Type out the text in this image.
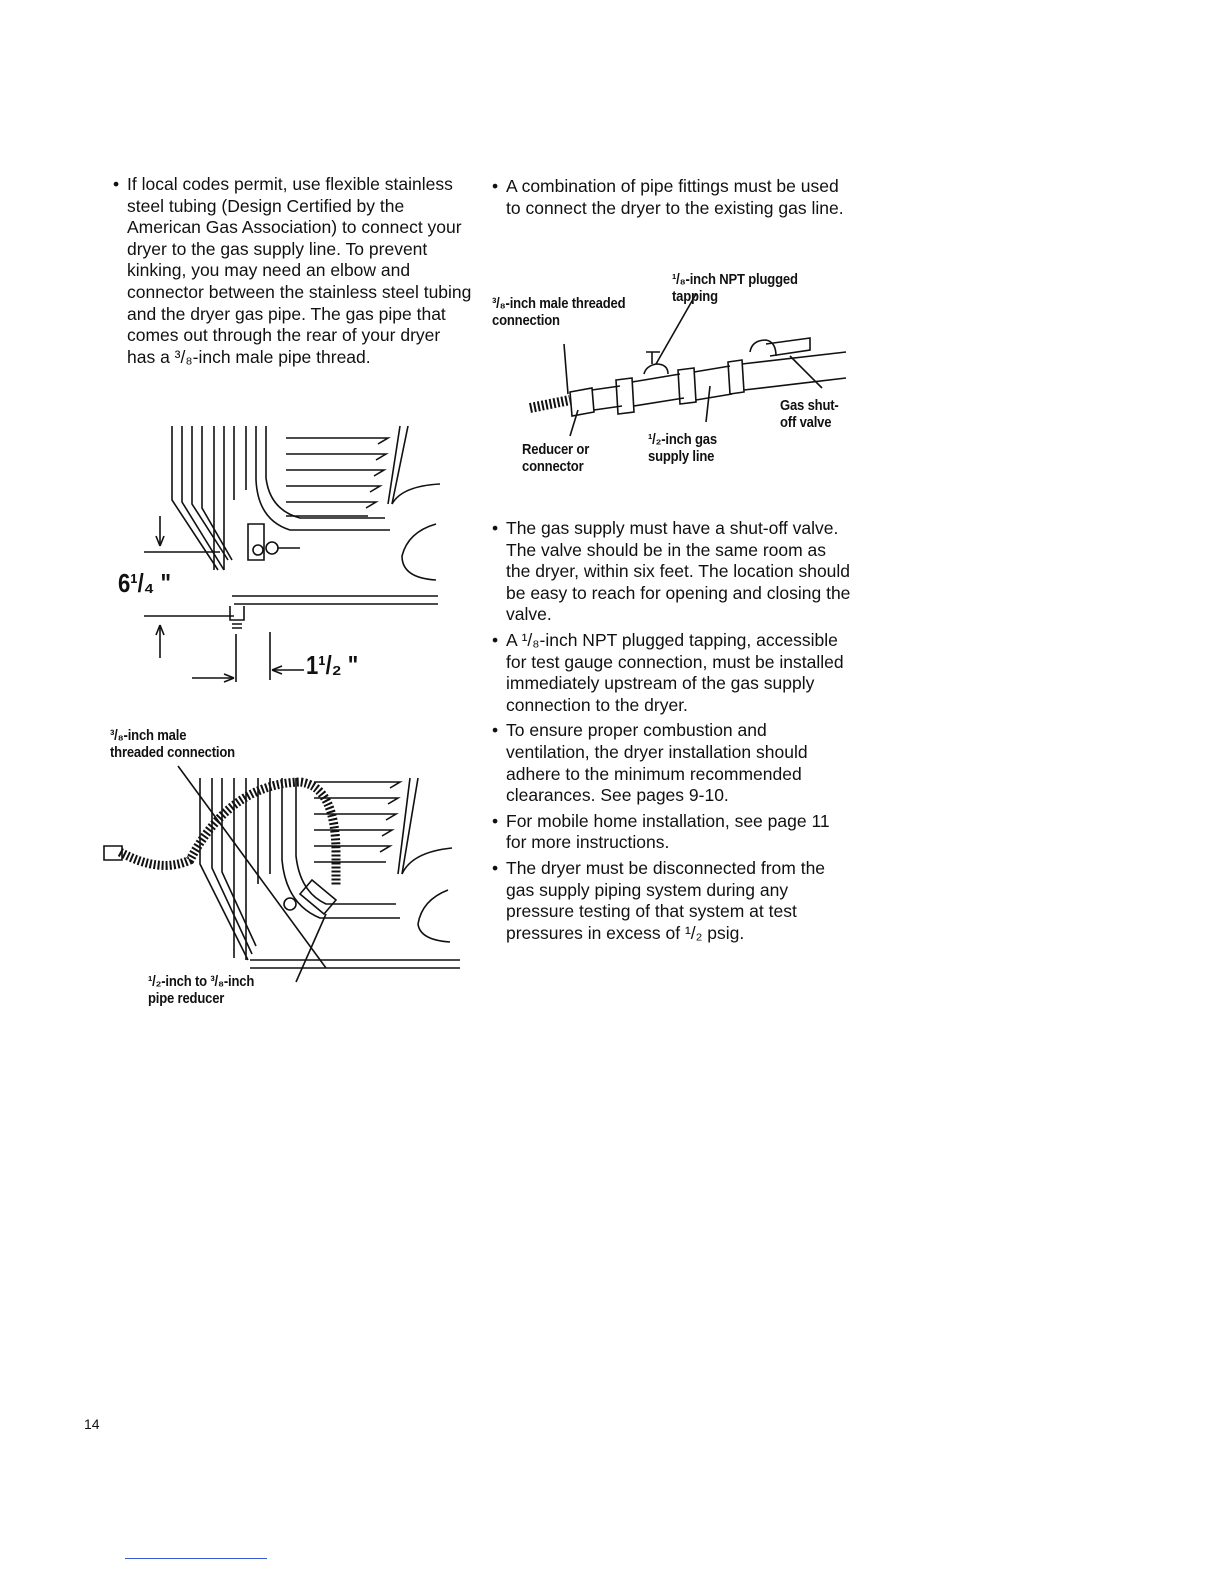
• If local codes permit, use flexible stainless steel tubing (Design Certified by the American Gas Association) to connect your dryer to the gas supply line. To prevent kinking, you may need an elbow and connector between the stainless steel tubing and the dryer gas pipe. The gas pipe that comes out through the rear of your dryer has a ³/₈-inch male pipe thread.

6¹/₄ "
1¹/₂ "
³/₈-inch male
threaded connection
¹/₂-inch to ³/₈-inch
pipe reducer

• A combination of pipe fittings must be used to connect the dryer to the existing gas line.

¹/₈-inch NPT plugged
tapping
³/₈-inch male threaded
connection
Gas shut-
off valve
Reducer or
connector
¹/₂-inch gas
supply line

• The gas supply must have a shut-off valve. The valve should be in the same room as the dryer, within six feet. The location should be easy to reach for opening and closing the valve.

• A ¹/₈-inch NPT plugged tapping, accessible for test gauge connection, must be installed immediately upstream of the gas supply connection to the dryer.

• To ensure proper combustion and ventilation, the dryer installation should adhere to the minimum recommended clearances. See pages 9-10.

• For mobile home installation, see page 11 for more instructions.

• The dryer must be disconnected from the gas supply piping system during any pressure testing of that system at test pressures in excess of ¹/₂ psig.

14
